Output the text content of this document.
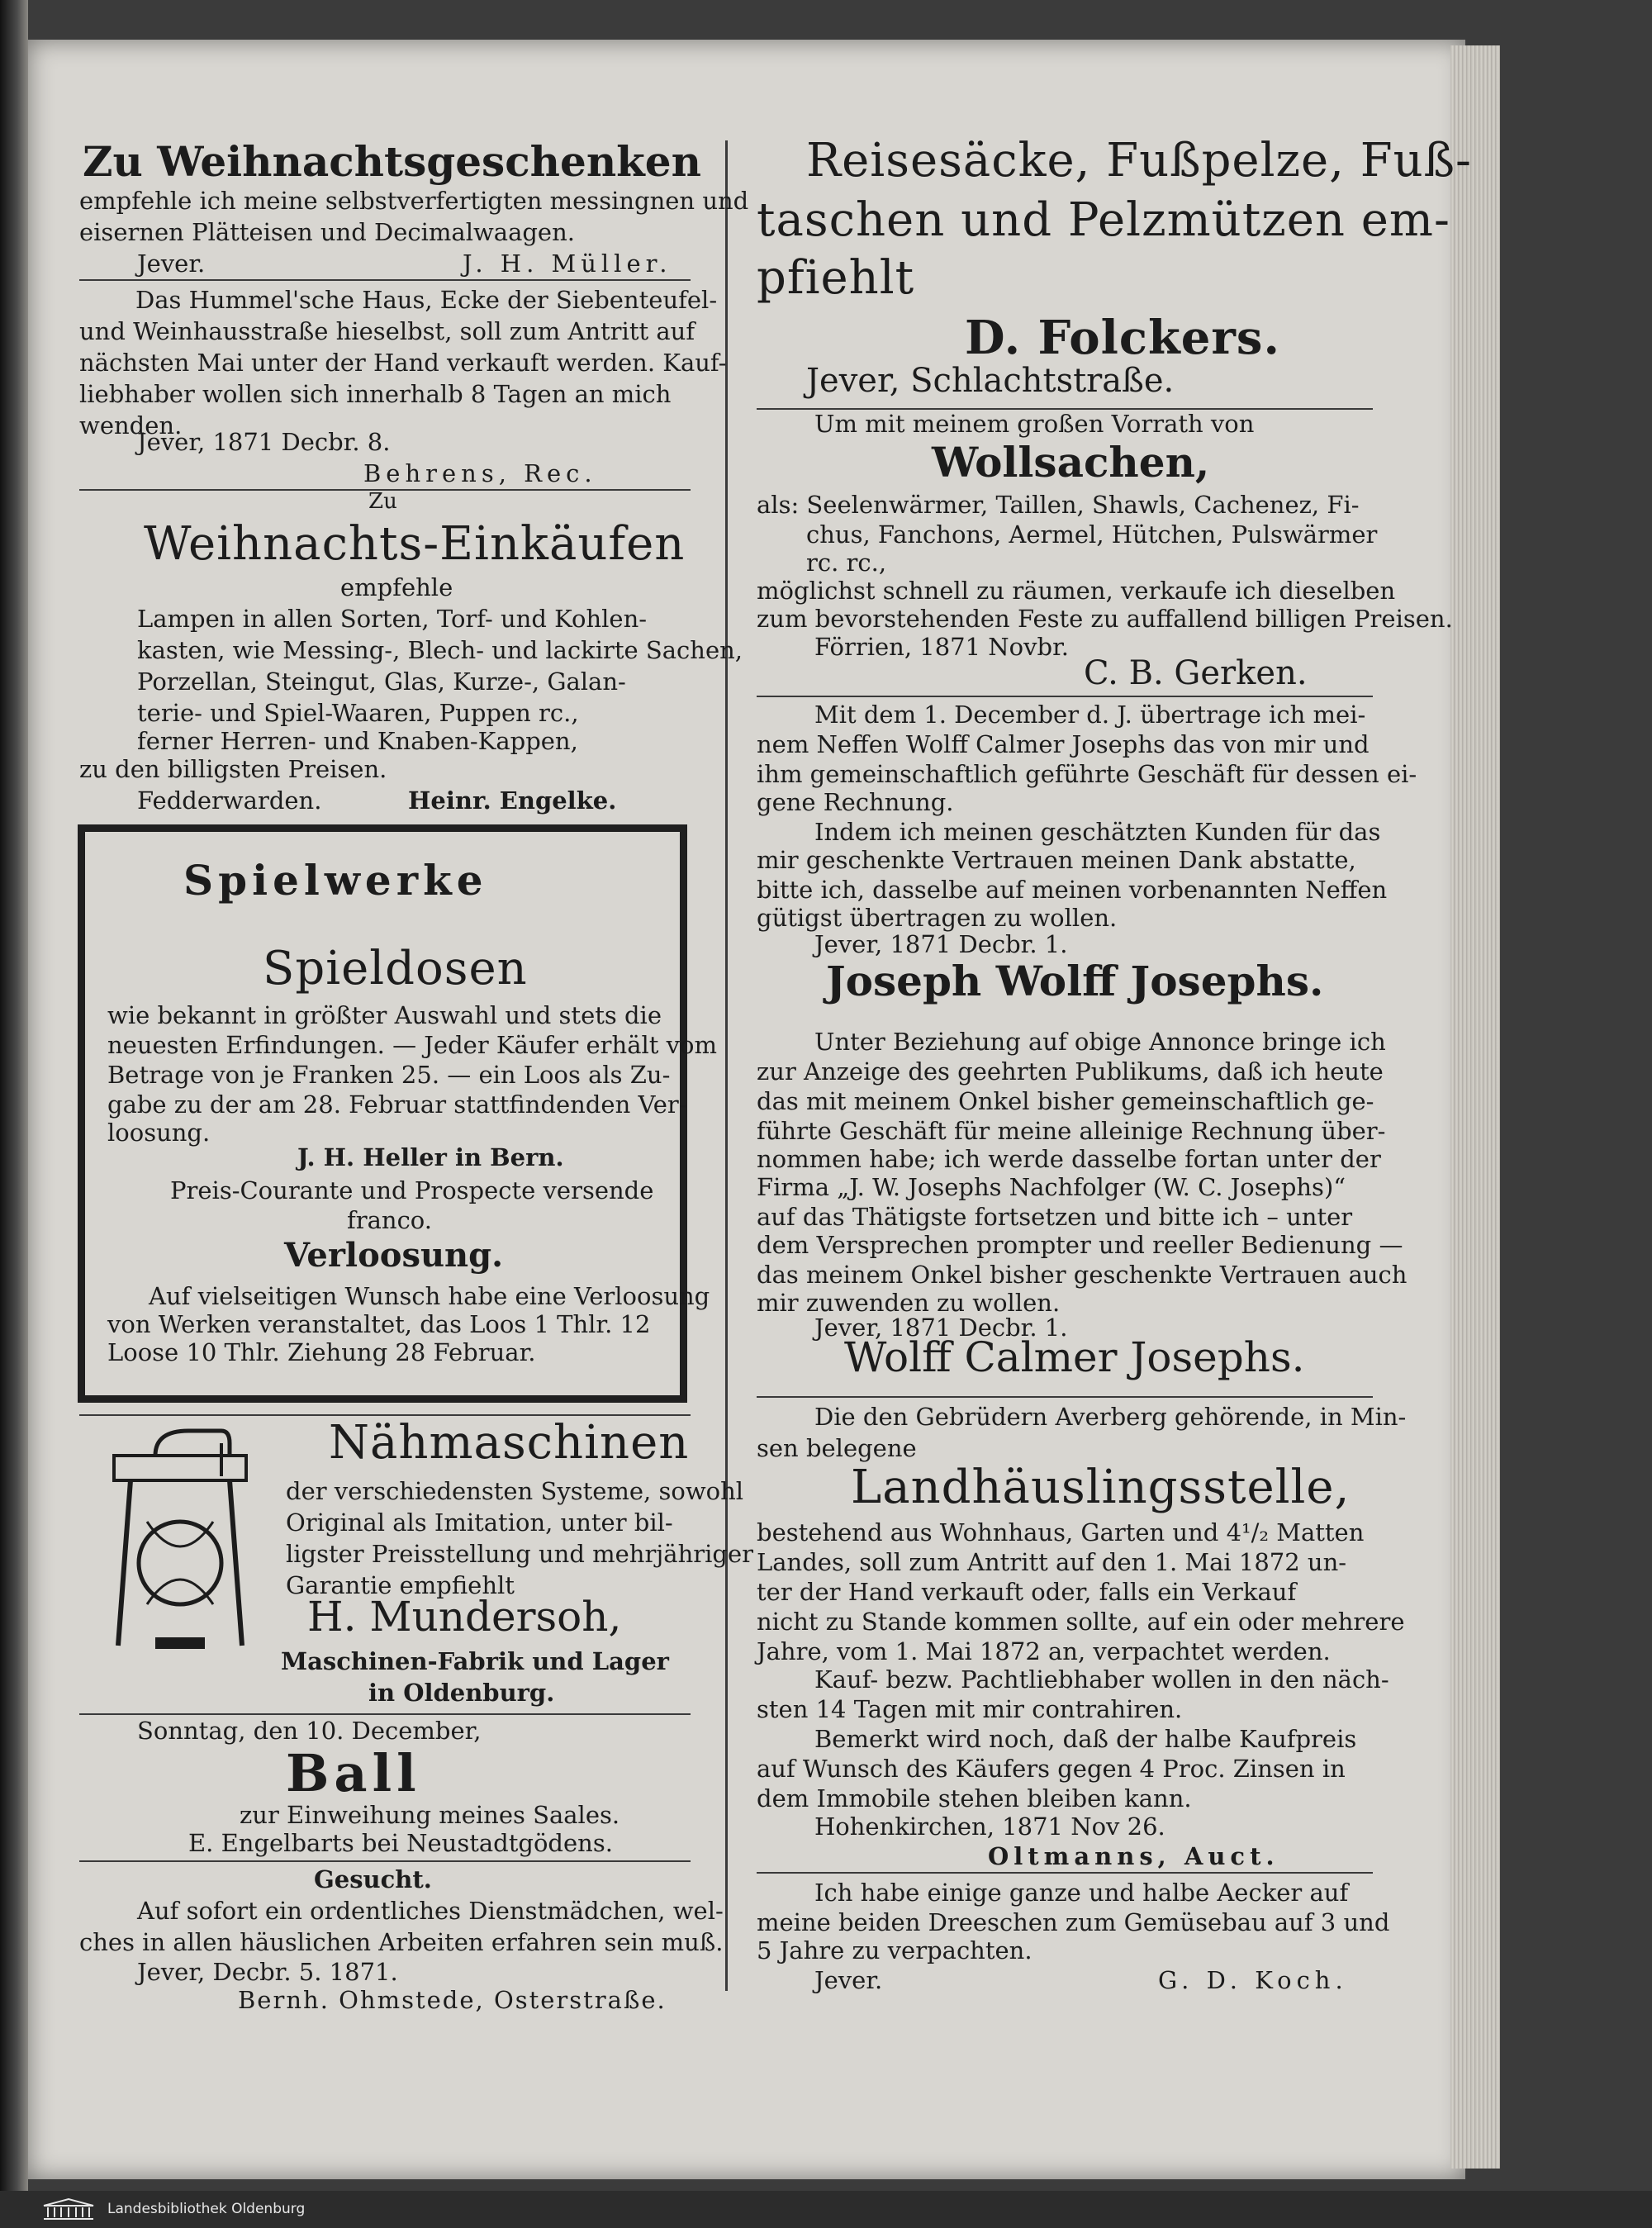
Zu Weihnachtsgeschenken
empfehle ich meine selbstverfertigten messingnen und
eisernen Plätteisen und Decimalwaagen.
Jever.	J. H. Müller.
Das Hummel'sche Haus, Ecke der Siebenteufel-
und Weinhausstraße hieselbst, soll zum Antritt auf
nächsten Mai unter der Hand verkauft werden. Kauf-
liebhaber wollen sich innerhalb 8 Tagen an mich
wenden.
Jever, 1871 Decbr. 8.
Behrens, Rec.
Zu
Weihnachts-Einkäufen
empfehle
Lampen in allen Sorten, Torf- und Kohlen-
kasten, wie Messing-, Blech- und lackirte Sachen,
Porzellan, Steingut, Glas, Kurze-, Galan-
terie- und Spiel-Waaren, Puppen rc.,
ferner Herren- und Knaben-Kappen,
zu den billigsten Preisen.
Fedderwarden.	Heinr. Engelke.
Spielwerke
Spieldosen
wie bekannt in größter Auswahl und stets die
neuesten Erfindungen. — Jeder Käufer erhält vom
Betrage von je Franken 25. — ein Loos als Zu-
gabe zu der am 28. Februar stattfindenden Ver-
loosung.
J. H. Heller in Bern.
Preis-Courante und Prospecte versende
franco.
Verloosung.
Auf vielseitigen Wunsch habe eine Verloosung
von Werken veranstaltet, das Loos 1 Thlr. 12
Loose 10 Thlr. Ziehung 28 Februar.
Nähmaschinen
der verschiedensten Systeme, sowohl
Original als Imitation, unter bil-
ligster Preisstellung und mehrjähriger
Garantie empfiehlt
H. Mundersoh,
Maschinen-Fabrik und Lager
in Oldenburg.
Sonntag, den 10. December,
Ball
zur Einweihung meines Saales.
E. Engelbarts bei Neustadtgödens.
Gesucht.
Auf sofort ein ordentliches Dienstmädchen, wel-
ches in allen häuslichen Arbeiten erfahren sein muß.
Jever, Decbr. 5. 1871.
Bernh. Ohmstede, Osterstraße.
Reisesäcke, Fußpelze, Fuß-
taschen und Pelzmützen em-
pfiehlt
D. Folckers.
Jever, Schlachtstraße.
Um mit meinem großen Vorrath von
Wollsachen,
als: Seelenwärmer, Taillen, Shawls, Cachenez, Fi-
chus, Fanchons, Aermel, Hütchen, Pulswärmer
rc. rc.,
möglichst schnell zu räumen, verkaufe ich dieselben
zum bevorstehenden Feste zu auffallend billigen Preisen.
Förrien, 1871 Novbr.
C. B. Gerken.
Mit dem 1. December d. J. übertrage ich mei-
nem Neffen Wolff Calmer Josephs das von mir und
ihm gemeinschaftlich geführte Geschäft für dessen ei-
gene Rechnung.
Indem ich meinen geschätzten Kunden für das
mir geschenkte Vertrauen meinen Dank abstatte,
bitte ich, dasselbe auf meinen vorbenannten Neffen
gütigst übertragen zu wollen.
Jever, 1871 Decbr. 1.
Joseph Wolff Josephs.
Unter Beziehung auf obige Annonce bringe ich
zur Anzeige des geehrten Publikums, daß ich heute
das mit meinem Onkel bisher gemeinschaftlich ge-
führte Geschäft für meine alleinige Rechnung über-
nommen habe; ich werde dasselbe fortan unter der
Firma „J. W. Josephs Nachfolger (W. C. Josephs)“
auf das Thätigste fortsetzen und bitte ich – unter
dem Versprechen prompter und reeller Bedienung —
das meinem Onkel bisher geschenkte Vertrauen auch
mir zuwenden zu wollen.
Jever, 1871 Decbr. 1.
Wolff Calmer Josephs.
Die den Gebrüdern Averberg gehörende, in Min-
sen belegene
Landhäuslingsstelle,
bestehend aus Wohnhaus, Garten und 4¹/₂ Matten
Landes, soll zum Antritt auf den 1. Mai 1872 un-
ter der Hand verkauft oder, falls ein Verkauf
nicht zu Stande kommen sollte, auf ein oder mehrere
Jahre, vom 1. Mai 1872 an, verpachtet werden.
Kauf- bezw. Pachtliebhaber wollen in den näch-
sten 14 Tagen mit mir contrahiren.
Bemerkt wird noch, daß der halbe Kaufpreis
auf Wunsch des Käufers gegen 4 Proc. Zinsen in
dem Immobile stehen bleiben kann.
Hohenkirchen, 1871 Nov 26.
Oltmanns, Auct.
Ich habe einige ganze und halbe Aecker auf
meine beiden Dreeschen zum Gemüsebau auf 3 und
5 Jahre zu verpachten.
Jever.	G. D. Koch.
Landesbibliothek Oldenburg
